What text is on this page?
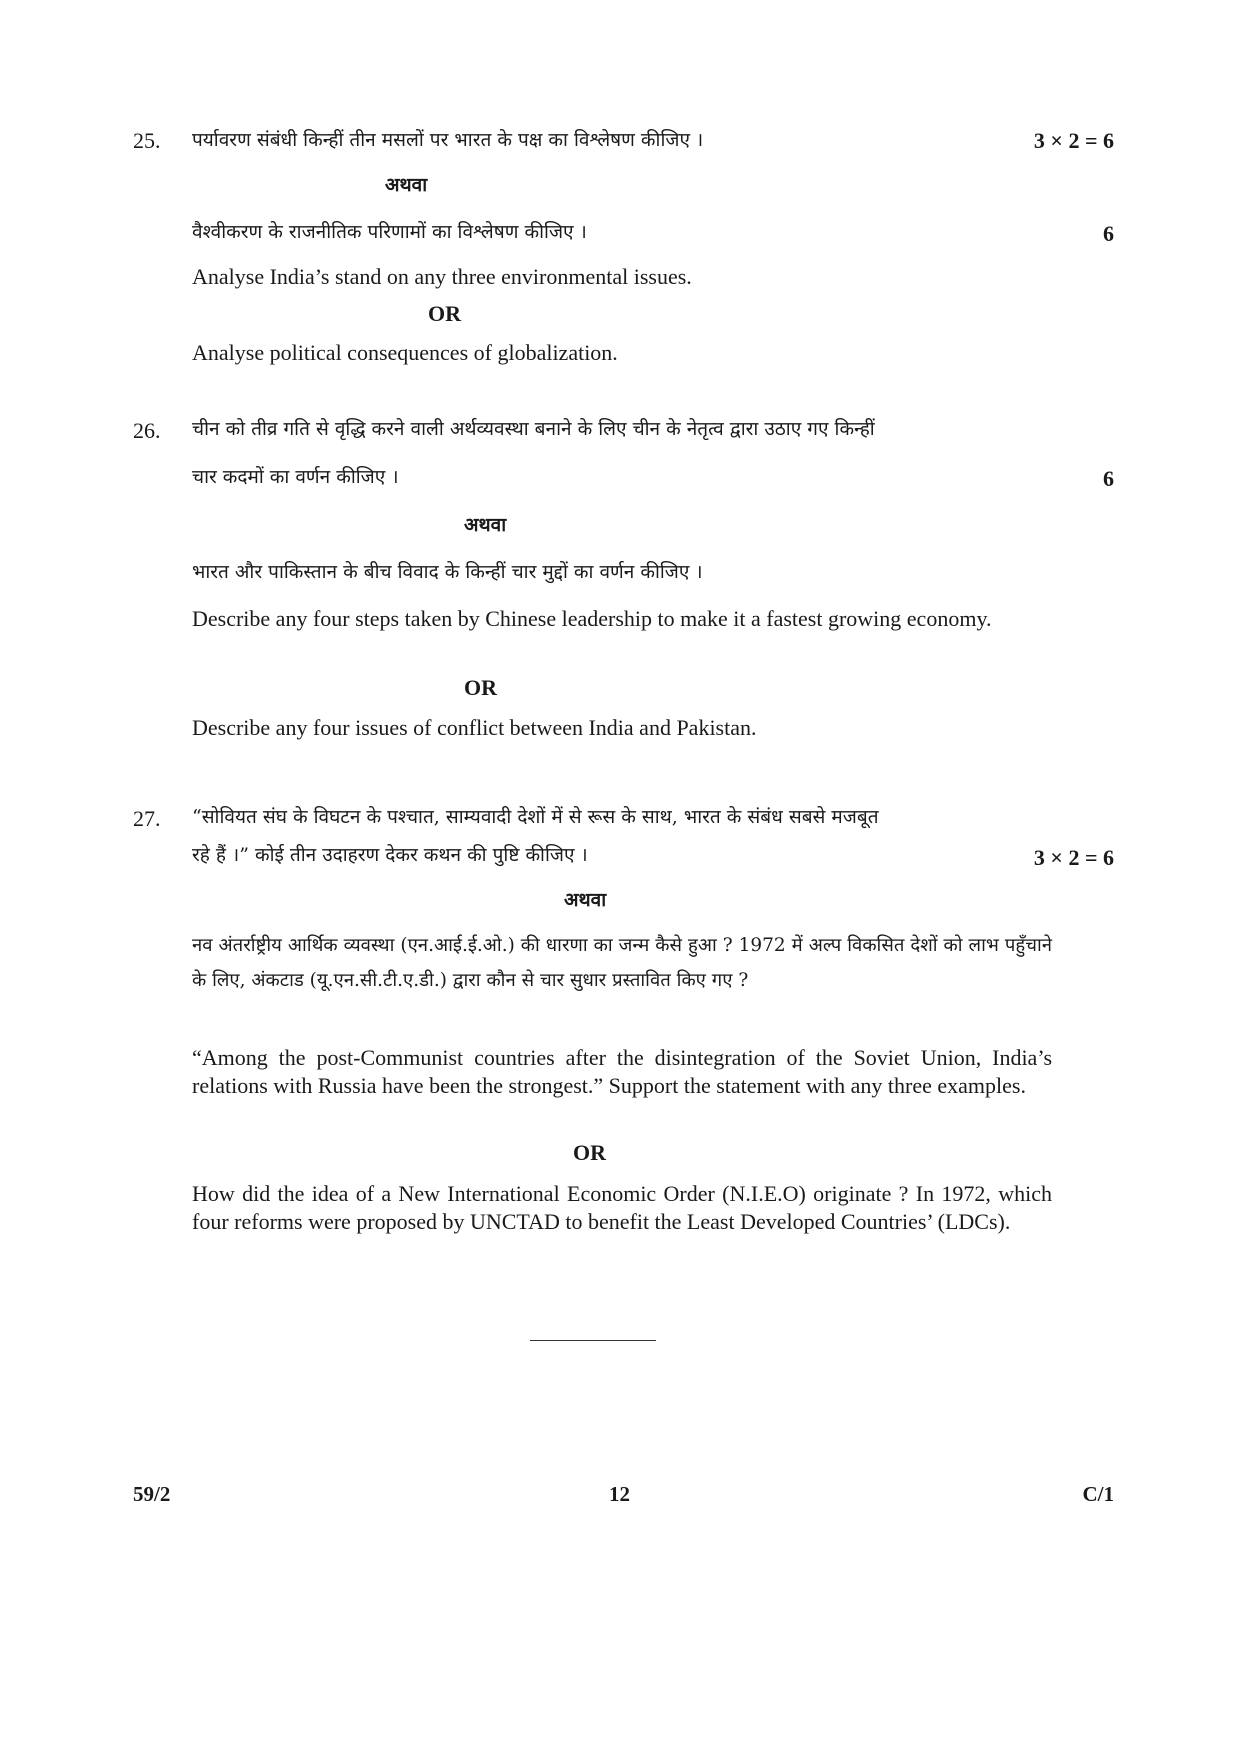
25. पर्यावरण संबंधी किन्हीं तीन मसलों पर भारत के पक्ष का विश्लेषण कीजिए ।	3 × 2 = 6
अथवा
वैश्वीकरण के राजनीतिक परिणामों का विश्लेषण कीजिए ।	6
Analyse India’s stand on any three environmental issues.
OR
Analyse political consequences of globalization.
26. चीन को तीव्र गति से वृद्धि करने वाली अर्थव्यवस्था बनाने के लिए चीन के नेतृत्व द्वारा उठाए गए किन्हीं
चार कदमों का वर्णन कीजिए ।	6
अथवा
भारत और पाकिस्तान के बीच विवाद के किन्हीं चार मुद्दों का वर्णन कीजिए ।
Describe any four steps taken by Chinese leadership to make it a fastest growing economy.
OR
Describe any four issues of conflict between India and Pakistan.
27. “सोवियत संघ के विघटन के पश्चात, साम्यवादी देशों में से रूस के साथ, भारत के संबंध सबसे मजबूत
रहे हैं ।” कोई तीन उदाहरण देकर कथन की पुष्टि कीजिए ।	3 × 2 = 6
अथवा
नव अंतर्राष्ट्रीय आर्थिक व्यवस्था (एन.आई.ई.ओ.) की धारणा का जन्म कैसे हुआ ? 1972 में अल्प विकसित देशों को लाभ पहुँचाने के लिए, अंकटाड (यू.एन.सी.टी.ए.डी.) द्वारा कौन से चार सुधार प्रस्तावित किए गए ?
“Among the post-Communist countries after the disintegration of the Soviet Union, India’s relations with Russia have been the strongest.” Support the statement with any three examples.
OR
How did the idea of a New International Economic Order (N.I.E.O) originate ? In 1972, which four reforms were proposed by UNCTAD to benefit the Least Developed Countries’ (LDCs).
59/2	12	C/1
